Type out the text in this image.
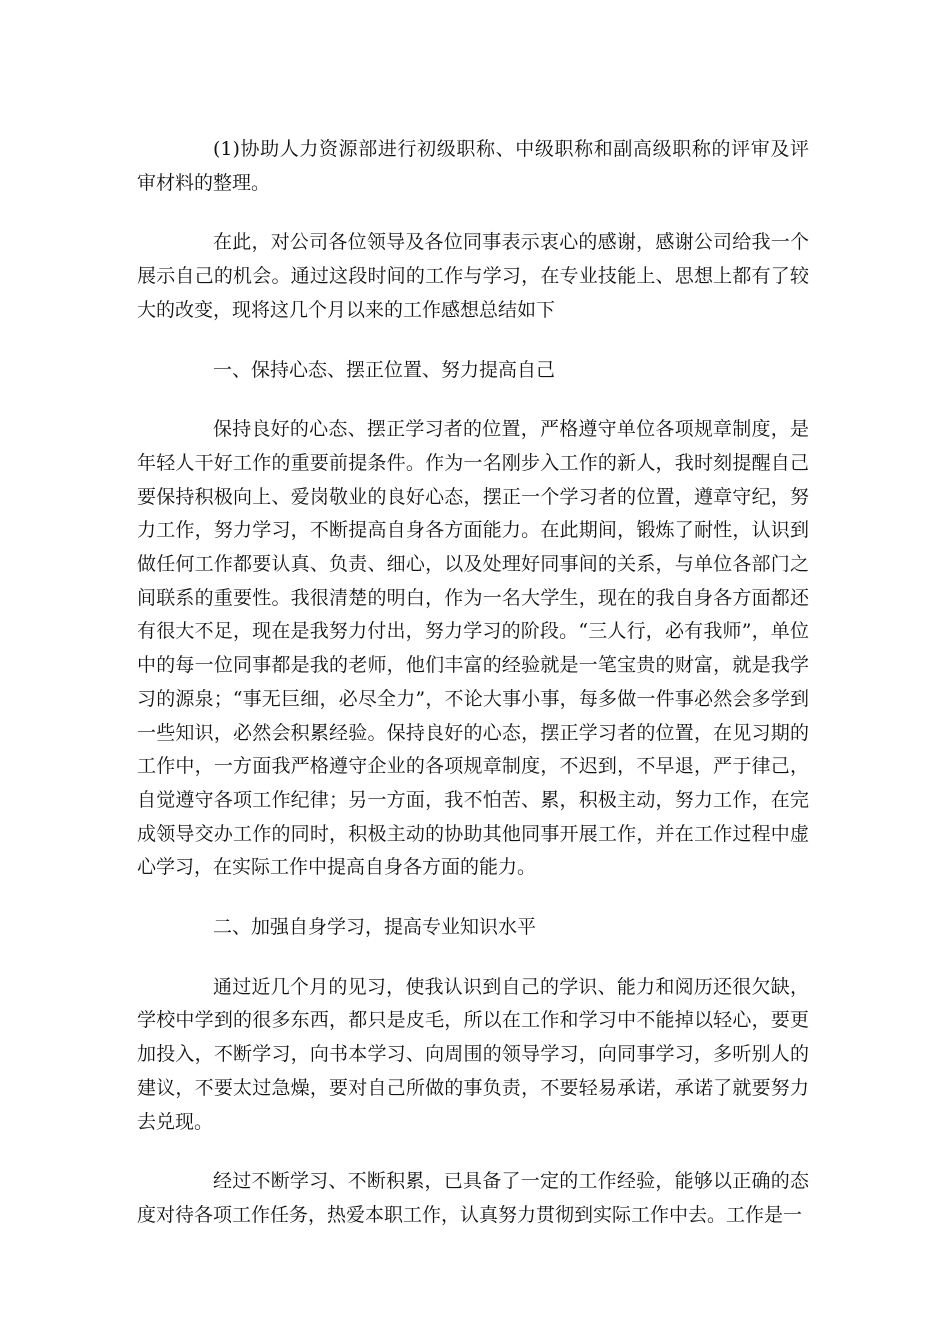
(1)协助人力资源部进行初级职称、中级职称和副高级职称的评审及评审材料的整理。

在此，对公司各位领导及各位同事表示衷心的感谢，感谢公司给我一个展示自己的机会。通过这段时间的工作与学习，在专业技能上、思想上都有了较大的改变，现将这几个月以来的工作感想总结如下

一、保持心态、摆正位置、努力提高自己

保持良好的心态、摆正学习者的位置，严格遵守单位各项规章制度，是年轻人干好工作的重要前提条件。作为一名刚步入工作的新人，我时刻提醒自己要保持积极向上、爱岗敬业的良好心态，摆正一个学习者的位置，遵章守纪，努力工作，努力学习，不断提高自身各方面能力。在此期间，锻炼了耐性，认识到做任何工作都要认真、负责、细心，以及处理好同事间的关系，与单位各部门之间联系的重要性。我很清楚的明白，作为一名大学生，现在的我自身各方面都还有很大不足，现在是我努力付出，努力学习的阶段。“三人行，必有我师”，单位中的每一位同事都是我的老师，他们丰富的经验就是一笔宝贵的财富，就是我学习的源泉；“事无巨细，必尽全力”，不论大事小事，每多做一件事必然会多学到一些知识，必然会积累经验。保持良好的心态，摆正学习者的位置，在见习期的工作中，一方面我严格遵守企业的各项规章制度，不迟到，不早退，严于律己，自觉遵守各项工作纪律；另一方面，我不怕苦、累，积极主动，努力工作，在完成领导交办工作的同时，积极主动的协助其他同事开展工作，并在工作过程中虚心学习，在实际工作中提高自身各方面的能力。

二、加强自身学习，提高专业知识水平

通过近几个月的见习，使我认识到自己的学识、能力和阅历还很欠缺，学校中学到的很多东西，都只是皮毛，所以在工作和学习中不能掉以轻心，要更加投入，不断学习，向书本学习、向周围的领导学习，向同事学习，多听别人的建议，不要太过急燥，要对自己所做的事负责，不要轻易承诺，承诺了就要努力去兑现。

经过不断学习、不断积累，已具备了一定的工作经验，能够以正确的态度对待各项工作任务，热爱本职工作，认真努力贯彻到实际工作中去。工作是一
